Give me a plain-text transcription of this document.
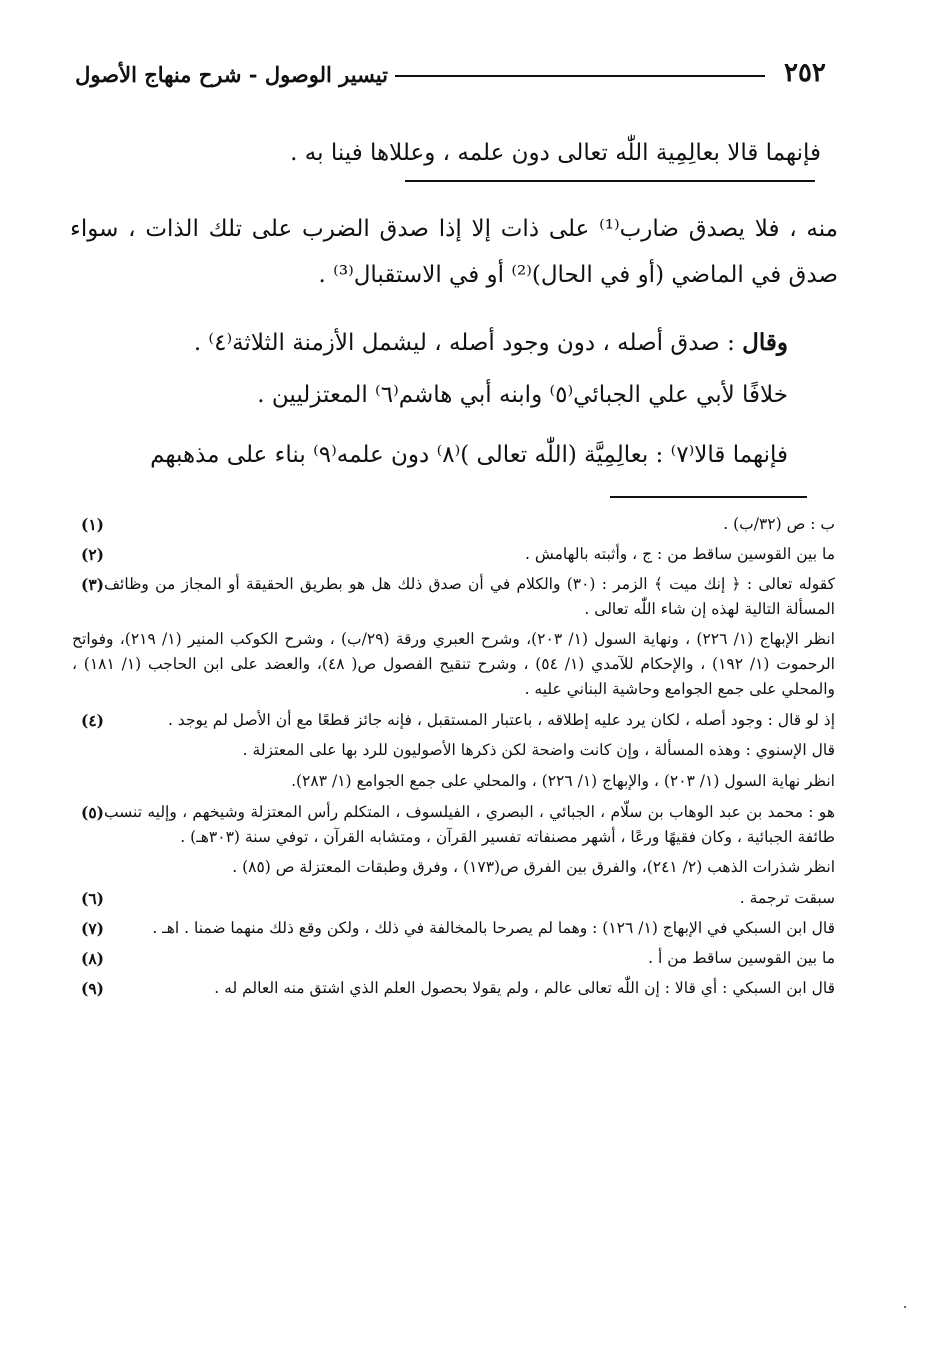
٢٥٢
تيسير الوصول - شرح منهاج الأصول
فإنهما قالا بعالِمِية اللّٰه تعالى دون علمه ، وعللاها فينا به .
منه ، فلا يصدق ضارب⁽¹⁾ على ذات إلا إذا صدق الضرب على تلك الذات ، سواء صدق في الماضي (أو في الحال)⁽²⁾ أو في الاستقبال⁽³⁾ .
وقال : صدق أصله ، دون وجود أصله ، ليشمل الأزمنة الثلاثة⁽٤⁾ .
خلافًا لأبي علي الجبائي⁽٥⁾ وابنه أبي هاشم⁽٦⁾ المعتزليين .
فإنهما قالا⁽٧⁾ : بعالِمِيَّة (اللّٰه تعالى )⁽٨⁾ دون علمه⁽٩⁾ بناء على مذهبهم
(١)	ب : ص (٣٢/ب) .
(٢)	ما بين القوسين ساقط من : ج ، وأثبته بالهامش .
(٣) كقوله تعالى : ﴿ إنك ميت ﴾ الزمر : (٣٠) والكلام في أن صدق ذلك هل هو بطريق الحقيقة أو المجاز من وظائف المسألة التالية لهذه إن شاء اللّٰه تعالى .
انظر الإبهاج (١/ ٢٢٦) ، ونهاية السول (١/ ٢٠٣)، وشرح العبري ورقة (٢٩/ب) ، وشرح الكوكب المنير (١/ ٢١٩)، وفواتح الرحموت (١/ ١٩٢) ، والإحكام للآمدي (١/ ٥٤) ، وشرح تنقيح الفصول ص( ٤٨)، والعضد على ابن الحاجب (١/ ١٨١) ، والمحلي على جمع الجوامع وحاشية البناني عليه .
(٤)	إذ لو قال : وجود أصله ، لكان يرد عليه إطلاقه ، باعتبار المستقبل ، فإنه جائز قطعًا مع أن الأصل لم يوجد .
قال الإسنوي : وهذه المسألة ، وإن كانت واضحة لكن ذكرها الأصوليون للرد بها على المعتزلة .
انظر نهاية السول (١/ ٢٠٣) ، والإبهاج (١/ ٢٢٦) ، والمحلي على جمع الجوامع (١/ ٢٨٣).
(٥) هو : محمد بن عبد الوهاب بن سلّام ، الجبائي ، البصري ، الفيلسوف ، المتكلم رأس المعتزلة وشيخهم ، وإليه تنسب طائفة الجبائية ، وكان فقيهًا ورعًا ، أشهر مصنفاته تفسير القرآن ، ومتشابه القرآن ، توفي سنة (٣٠٣هـ) .
انظر شذرات الذهب (٢/ ٢٤١)، والفرق بين الفرق ص(١٧٣) ، وفرق وطبقات المعتزلة ص (٨٥) .
(٦)	سبقت ترجمة .
(٧)	قال ابن السبكي في الإبهاج (١/ ١٢٦) : وهما لم يصرحا بالمخالفة في ذلك ، ولكن وقع ذلك منهما ضمنا . اهـ .
(٨)	ما بين القوسين ساقط من أ .
(٩)	قال ابن السبكي : أي قالا : إن اللّٰه تعالى عالم ، ولم يقولا بحصول العلم الذي اشتق منه العالم له .
